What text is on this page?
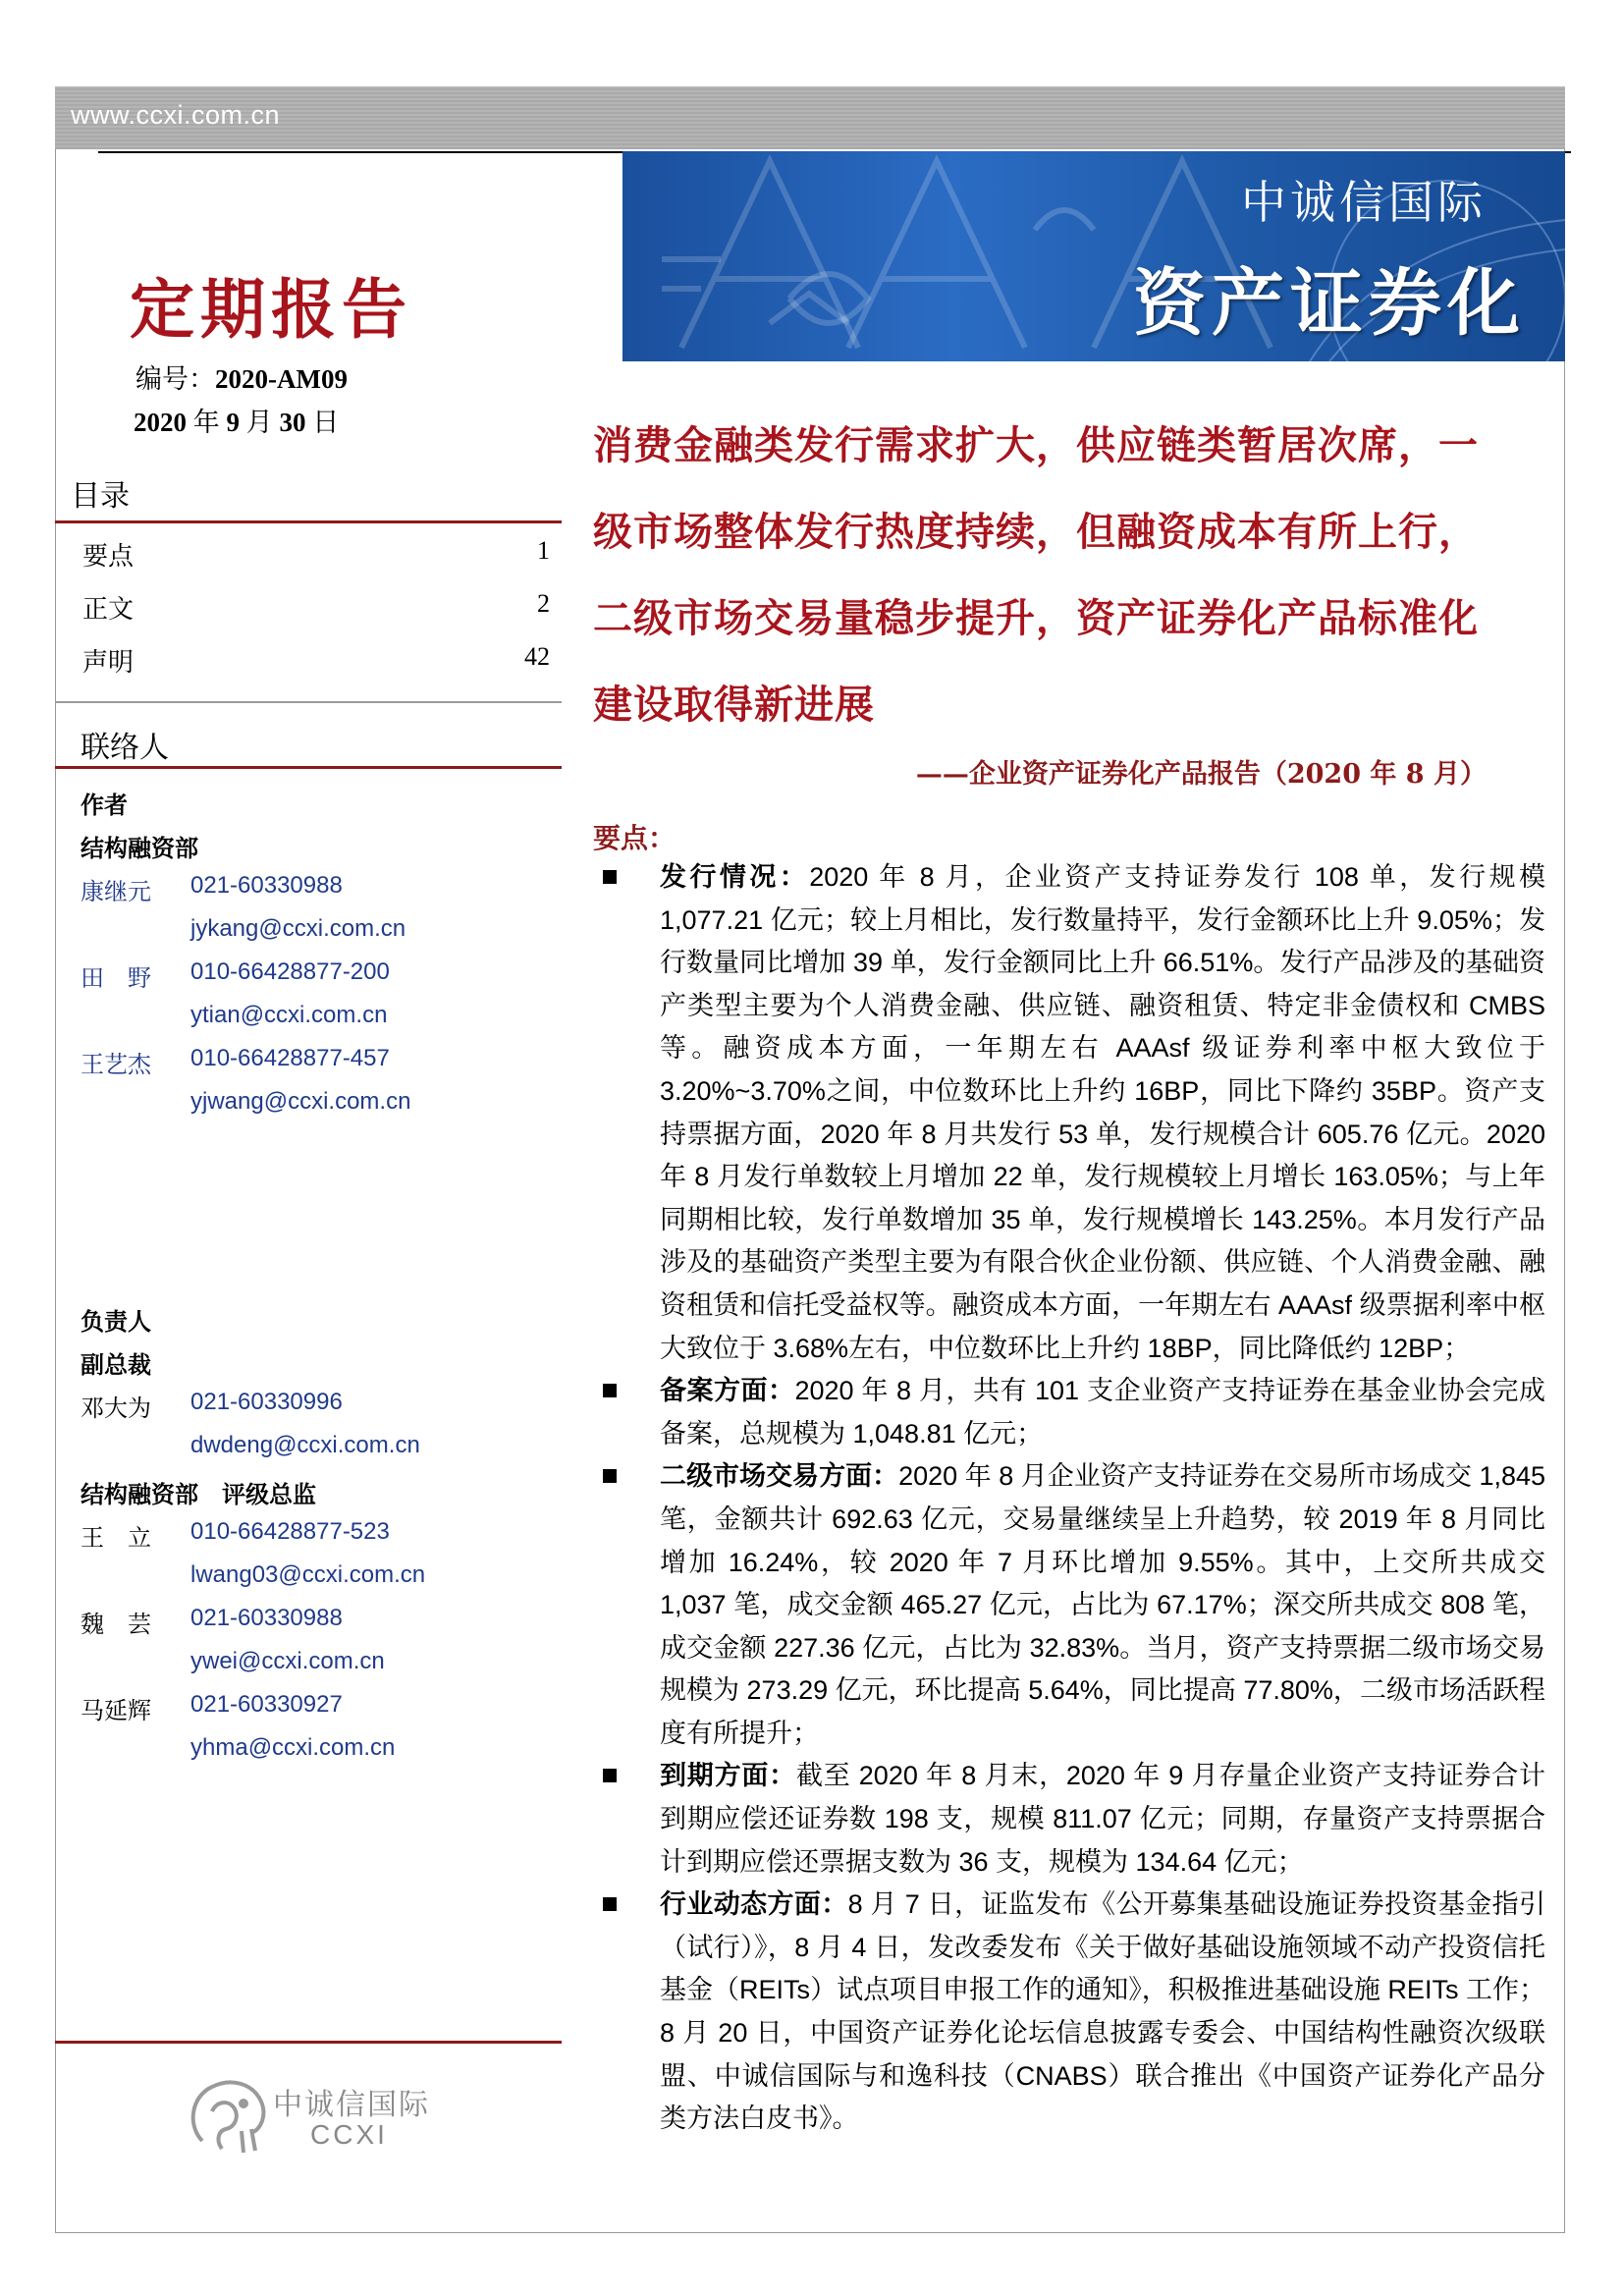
www.ccxi.com.cn
中诚信国际
资产证券化
定期报告
编号：2020-AM09
2020 年 9 月 30 日
目录
要点	1
正文	2
声明	42
联络人
作者
结构融资部
康继元 021-60330988
jykang@ccxi.com.cn
田　野 010-66428877-200
ytian@ccxi.com.cn
王艺杰 010-66428877-457
yjwang@ccxi.com.cn
负责人
副总裁
邓大为 021-60330996
dwdeng@ccxi.com.cn
结构融资部　评级总监
王　立 010-66428877-523
lwang03@ccxi.com.cn
魏　芸 021-60330988
ywei@ccxi.com.cn
马延辉 021-60330927
yhma@ccxi.com.cn
中诚信国际
CCXI
消费金融类发行需求扩大，供应链类暂居次席，一级市场整体发行热度持续，但融资成本有所上行，二级市场交易量稳步提升，资产证券化产品标准化建设取得新进展
——企业资产证券化产品报告（2020 年 8 月）
要点：
发行情况：2020 年 8 月，企业资产支持证券发行 108 单，发行规模 1,077.21 亿元；较上月相比，发行数量持平，发行金额环比上升 9.05%；发行数量同比增加 39 单，发行金额同比上升 66.51%。发行产品涉及的基础资产类型主要为个人消费金融、供应链、融资租赁、特定非金债权和 CMBS 等。融资成本方面，一年期左右 AAAsf 级证券利率中枢大致位于 3.20%~3.70%之间，中位数环比上升约 16BP，同比下降约 35BP。资产支持票据方面，2020 年 8 月共发行 53 单，发行规模合计 605.76 亿元。2020 年 8 月发行单数较上月增加 22 单，发行规模较上月增长 163.05%；与上年同期相比较，发行单数增加 35 单，发行规模增长 143.25%。本月发行产品涉及的基础资产类型主要为有限合伙企业份额、供应链、个人消费金融、融资租赁和信托受益权等。融资成本方面，一年期左右 AAAsf 级票据利率中枢大致位于 3.68%左右，中位数环比上升约 18BP，同比降低约 12BP；
备案方面：2020 年 8 月，共有 101 支企业资产支持证券在基金业协会完成备案，总规模为 1,048.81 亿元；
二级市场交易方面：2020 年 8 月企业资产支持证券在交易所市场成交 1,845 笔，金额共计 692.63 亿元，交易量继续呈上升趋势，较 2019 年 8 月同比增加 16.24%，较 2020 年 7 月环比增加 9.55%。其中，上交所共成交 1,037 笔，成交金额 465.27 亿元，占比为 67.17%；深交所共成交 808 笔，成交金额 227.36 亿元，占比为 32.83%。当月，资产支持票据二级市场交易规模为 273.29 亿元，环比提高 5.64%，同比提高 77.80%，二级市场活跃程度有所提升；
到期方面：截至 2020 年 8 月末，2020 年 9 月存量企业资产支持证券合计到期应偿还证券数 198 支，规模 811.07 亿元；同期，存量资产支持票据合计到期应偿还票据支数为 36 支，规模为 134.64 亿元；
行业动态方面：8 月 7 日，证监发布《公开募集基础设施证券投资基金指引（试行）》，8 月 4 日，发改委发布《关于做好基础设施领域不动产投资信托基金（REITs）试点项目申报工作的通知》，积极推进基础设施 REITs 工作；8 月 20 日，中国资产证券化论坛信息披露专委会、中国结构性融资次级联盟、中诚信国际与和逸科技（CNABS）联合推出《中国资产证券化产品分类方法白皮书》。
